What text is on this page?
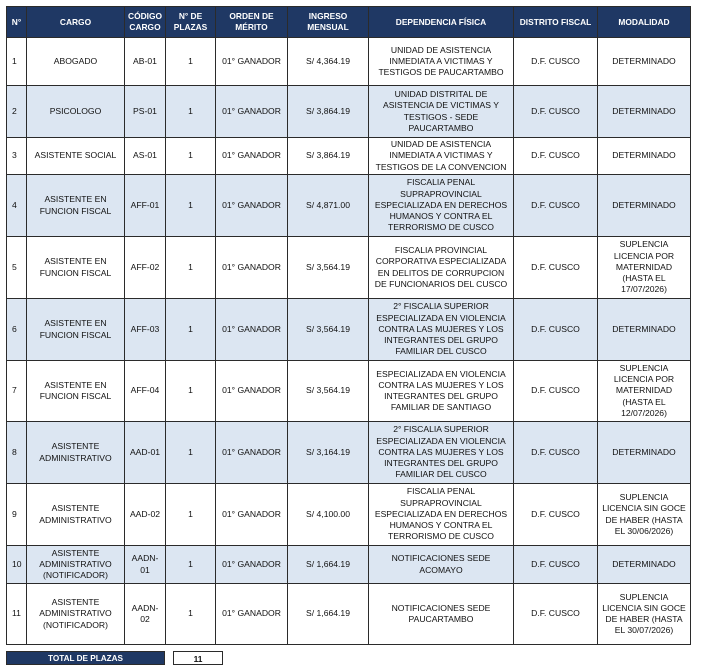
N°	CARGO	CÓDIGO CARGO	N° DE PLAZAS	ORDEN DE MÉRITO	INGRESO MENSUAL	DEPENDENCIA FÍSICA	DISTRITO FISCAL	MODALIDAD
1	ABOGADO	AB-01	1	01° GANADOR	S/ 4,364.19	UNIDAD DE ASISTENCIA INMEDIATA A VICTIMAS Y TESTIGOS DE PAUCARTAMBO	D.F. CUSCO	DETERMINADO
2	PSICOLOGO	PS-01	1	01° GANADOR	S/ 3,864.19	UNIDAD DISTRITAL DE ASISTENCIA DE VICTIMAS Y TESTIGOS - SEDE PAUCARTAMBO	D.F. CUSCO	DETERMINADO
3	ASISTENTE SOCIAL	AS-01	1	01° GANADOR	S/ 3,864.19	UNIDAD DE ASISTENCIA INMEDIATA A VICTIMAS Y TESTIGOS DE LA CONVENCION	D.F. CUSCO	DETERMINADO
4	ASISTENTE EN FUNCION FISCAL	AFF-01	1	01° GANADOR	S/ 4,871.00	FISCALIA PENAL SUPRAPROVINCIAL ESPECIALIZADA EN DERECHOS HUMANOS Y CONTRA EL TERRORISMO DE CUSCO	D.F. CUSCO	DETERMINADO
5	ASISTENTE EN FUNCION FISCAL	AFF-02	1	01° GANADOR	S/ 3,564.19	FISCALIA PROVINCIAL CORPORATIVA ESPECIALIZADA EN DELITOS DE CORRUPCION DE FUNCIONARIOS DEL CUSCO	D.F. CUSCO	SUPLENCIA LICENCIA POR MATERNIDAD (HASTA EL 17/07/2026)
6	ASISTENTE EN FUNCION FISCAL	AFF-03	1	01° GANADOR	S/ 3,564.19	2° FISCALIA SUPERIOR ESPECIALIZADA EN VIOLENCIA CONTRA LAS MUJERES Y LOS INTEGRANTES DEL GRUPO FAMILIAR DEL CUSCO	D.F. CUSCO	DETERMINADO
7	ASISTENTE EN FUNCION FISCAL	AFF-04	1	01° GANADOR	S/ 3,564.19	ESPECIALIZADA EN VIOLENCIA CONTRA LAS MUJERES Y LOS INTEGRANTES DEL GRUPO FAMILIAR DE SANTIAGO	D.F. CUSCO	SUPLENCIA LICENCIA POR MATERNIDAD (HASTA EL 12/07/2026)
8	ASISTENTE ADMINISTRATIVO	AAD-01	1	01° GANADOR	S/ 3,164.19	2° FISCALIA SUPERIOR ESPECIALIZADA EN VIOLENCIA CONTRA LAS MUJERES Y LOS INTEGRANTES DEL GRUPO FAMILIAR DEL CUSCO	D.F. CUSCO	DETERMINADO
9	ASISTENTE ADMINISTRATIVO	AAD-02	1	01° GANADOR	S/ 4,100.00	FISCALIA PENAL SUPRAPROVINCIAL ESPECIALIZADA EN DERECHOS HUMANOS Y CONTRA EL TERRORISMO DE CUSCO	D.F. CUSCO	SUPLENCIA LICENCIA SIN GOCE DE HABER (HASTA EL 30/06/2026)
10	ASISTENTE ADMINISTRATIVO (NOTIFICADOR)	AADN-01	1	01° GANADOR	S/ 1,664.19	NOTIFICACIONES SEDE ACOMAYO	D.F. CUSCO	DETERMINADO
11	ASISTENTE ADMINISTRATIVO (NOTIFICADOR)	AADN-02	1	01° GANADOR	S/ 1,664.19	NOTIFICACIONES SEDE PAUCARTAMBO	D.F. CUSCO	SUPLENCIA LICENCIA SIN GOCE DE HABER (HASTA EL 30/07/2026)
TOTAL DE PLAZAS	11
